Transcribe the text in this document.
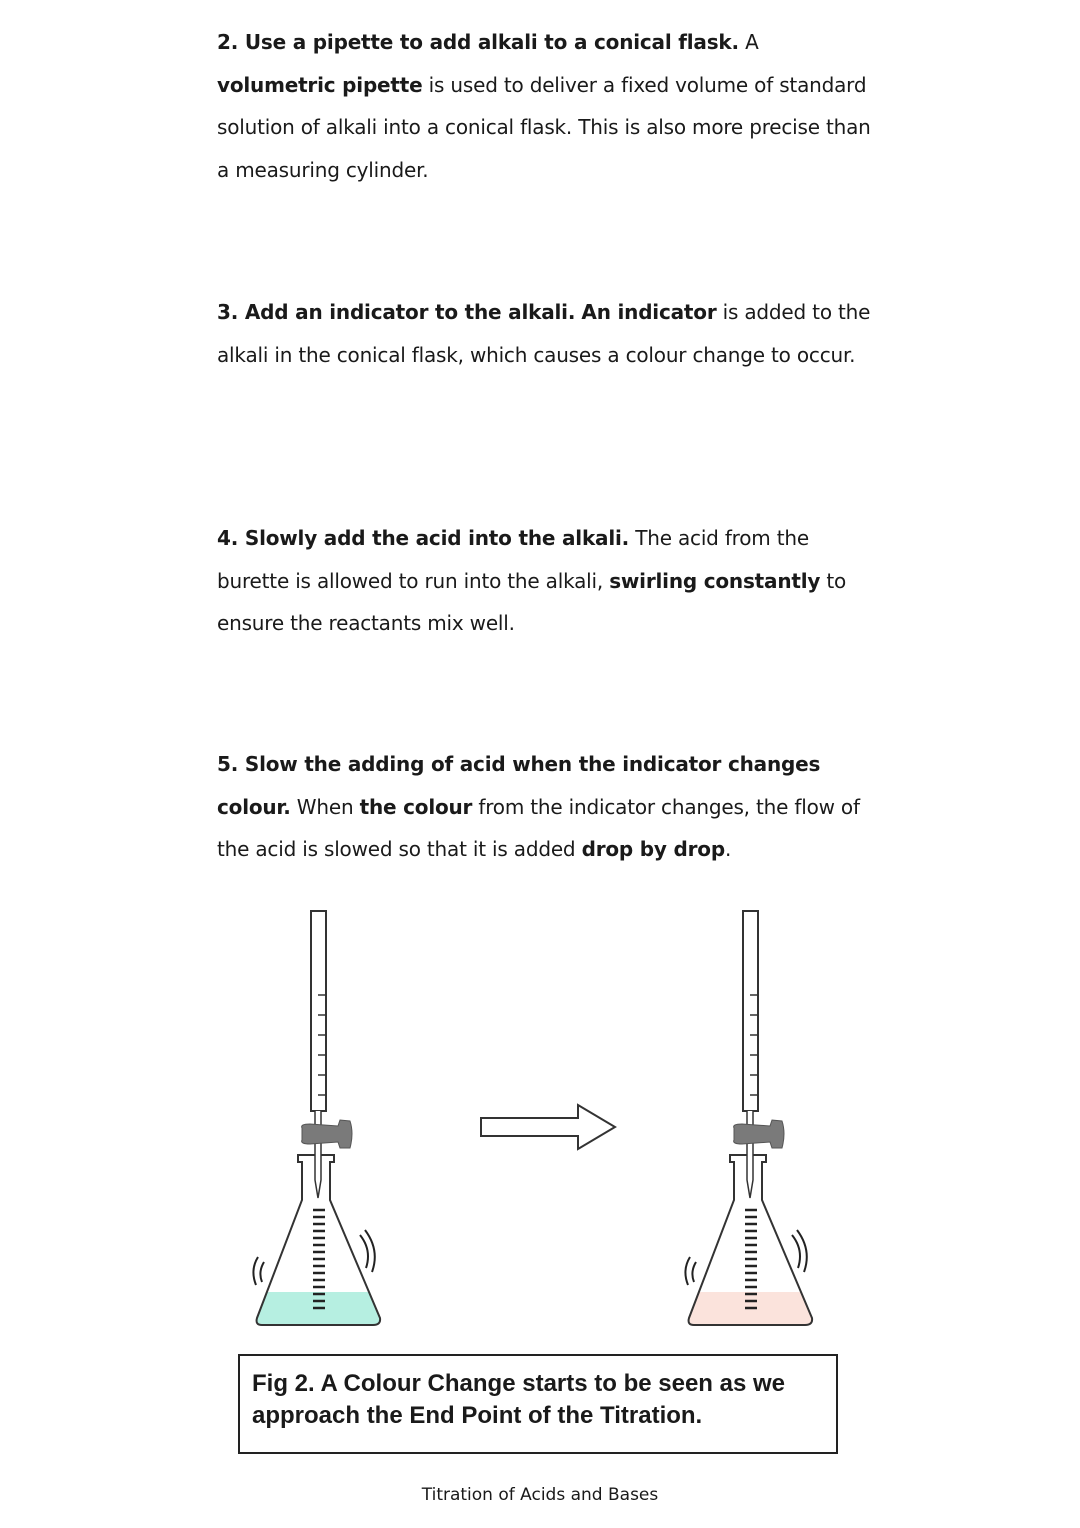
2. Use a pipette to add alkali to a conical flask. A volumetric pipette is used to deliver a fixed volume of standard solution of alkali into a conical flask. This is also more precise than a measuring cylinder.
3. Add an indicator to the alkali. An indicator is added to the alkali in the conical flask, which causes a colour change to occur.
4. Slowly add the acid into the alkali. The acid from the burette is allowed to run into the alkali, swirling constantly to ensure the reactants mix well.
5. Slow the adding of acid when the indicator changes colour. When the colour from the indicator changes, the flow of the acid is slowed so that it is added drop by drop.
Fig 2. A Colour Change starts to be seen as we approach the End Point of the Titration.
Titration of Acids and Bases
